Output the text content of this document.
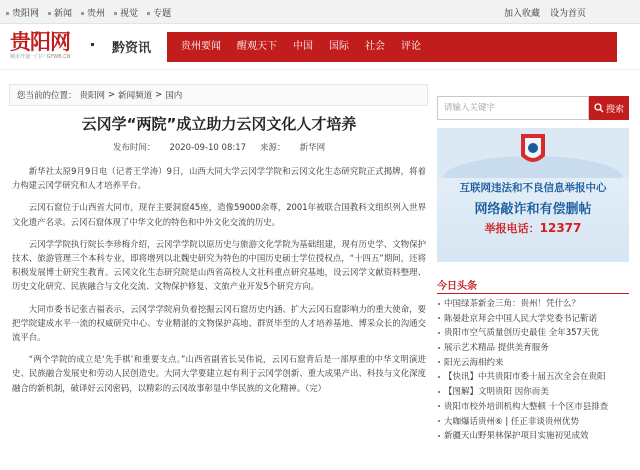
贵阳网	新闻	贵州	视觉	专题	加入收藏 设为首页
贵阳网
城市开通一门户 GYWB.CN
黔资讯	贵州要闻	醒观天下	中国	国际	社会	评论
您当前的位置： 贵阳网 > 新闻频道 > 国内
云冈学“两院”成立助力云冈文化人才培养
发布时间： 2020-09-10 08:17 来源： 新华网

新华社太原9月9日电（记者王学涛）9日，山西大同大学云冈学学院和云冈文化生态研究院正式揭牌，将着力构建云冈学研究和人才培养平台。

云冈石窟位于山西省大同市，现存主要洞窟45座，造像59000余尊，2001年被联合国教科文组织列入世界文化遗产名录。云冈石窟体现了中华文化的特色和中外文化交流的历史。

云冈学学院执行院长李珍梅介绍，云冈学学院以原历史与旅游文化学院为基础组建，现有历史学、文物保护技术、旅游管理三个本科专业，即将增列以北魏史研究为特色的中国历史硕士学位授权点，“十四五”期间，还将积极发展博士研究生教育。云冈文化生态研究院是山西省高校人文社科重点研究基地，设云冈学文献资料整理、历史文化研究、民族融合与文化交流、文物保护修复、文旅产业开发5个研究方向。

大同市委书记张吉福表示，云冈学学院肩负着挖掘云冈石窟历史内涵、扩大云冈石窟影响力的重大使命，要把学院建成水平一流的权威研究中心、专业精湛的文物保护高地、群贤毕至的人才培养基地、博采众长的沟通交流平台。

“两个学院的成立是‘先手棋’和重要支点。”山西省副省长吴伟说，云冈石窟背后是一部厚重的中华文明演进史、民族融合发展史和劳动人民创造史。大同大学要建立起有利于云冈学创新、重大成果产出、科技与文化深度融合的新机制，破译好云冈密码，以精彩的云冈故事彰显中华民族的文化精神。（完）

请输入关键字	搜索
互联网违法和不良信息举报中心
网络敲诈和有偿删帖
举报电话：12377
今日头条
中国绿茶新金三角：贵州！凭什么？
陈晏赴京拜会中国人民大学党委书记靳诺
贵阳市空气质量创历史最佳 全年357天优
展示艺术精品 提供美育服务
阳光云海相约来
【快讯】中共贵阳市委十届五次全会在贵阳
【图解】文明贵阳 因你而美
贵阳市校外培训机构大整顿 十个区市县排查
大咖爆话贵州⑥ | 任正非谈贵州优势
新疆天山野果林保护项目实施初见成效
